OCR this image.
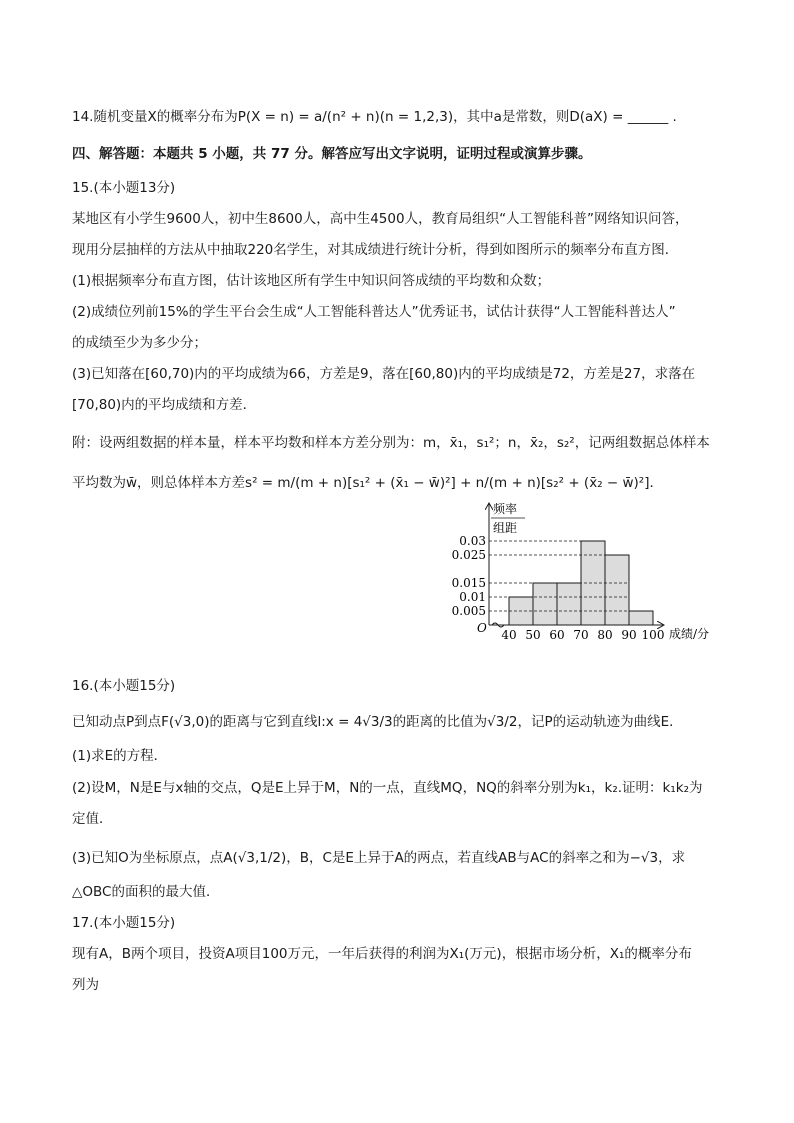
14.随机变量X的概率分布为P(X = n) = a/(n² + n)(n = 1,2,3)，其中a是常数，则D(aX) = ______ .
四、解答题：本题共 5 小题，共 77 分。解答应写出文字说明，证明过程或演算步骤。
15.(本小题13分)
某地区有小学生9600人，初中生8600人，高中生4500人，教育局组织“人工智能科普”网络知识问答，
现用分层抽样的方法从中抽取220名学生，对其成绩进行统计分析，得到如图所示的频率分布直方图．
(1)根据频率分布直方图，估计该地区所有学生中知识问答成绩的平均数和众数；
(2)成绩位列前15%的学生平台会生成“人工智能科普达人”优秀证书，试估计获得“人工智能科普达人”
的成绩至少为多少分；
(3)已知落在[60,70)内的平均成绩为66，方差是9，落在[60,80)内的平均成绩是72，方差是27，求落在
[70,80)内的平均成绩和方差．
附：设两组数据的样本量，样本平均数和样本方差分别为：m，x̄₁，s₁²；n，x̄₂，s₂²，记两组数据总体样本
平均数为w̄，则总体样本方差s² = m/(m + n)[s₁² + (x̄₁ − w̄)²] + n/(m + n)[s₂² + (x̄₂ − w̄)²]．
频率
组距
O
0.005
0.01
0.015
0.025
0.03
40 50 60 70 80 90 100 成绩/分
16.(本小题15分)
已知动点P到点F(√3,0)的距离与它到直线l:x = 4√3/3的距离的比值为√3/2，记P的运动轨迹为曲线E．
(1)求E的方程．
(2)设M，N是E与x轴的交点，Q是E上异于M，N的一点，直线MQ，NQ的斜率分别为k₁，k₂.证明：k₁k₂为
定值．
(3)已知O为坐标原点，点A(√3,1/2)，B，C是E上异于A的两点，若直线AB与AC的斜率之和为−√3，求
△OBC的面积的最大值．
17.(本小题15分)
现有A，B两个项目，投资A项目100万元，一年后获得的利润为X₁(万元)，根据市场分析，X₁的概率分布
列为
